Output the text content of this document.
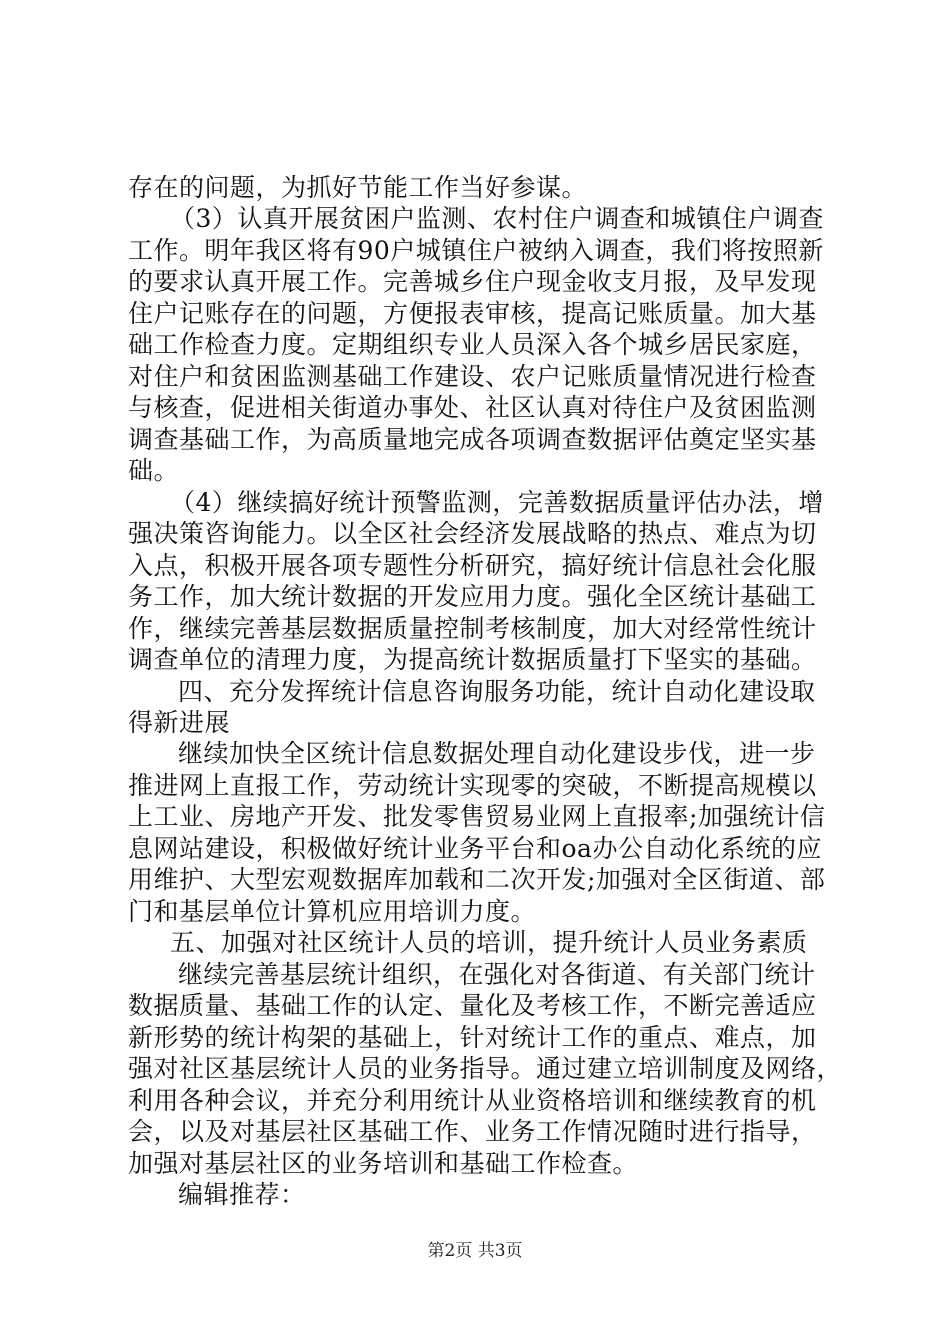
存在的问题，为抓好节能工作当好参谋。
（3）认真开展贫困户监测、农村住户调查和城镇住户调查
工作。明年我区将有90户城镇住户被纳入调查，我们将按照新
的要求认真开展工作。完善城乡住户现金收支月报，及早发现
住户记账存在的问题，方便报表审核，提高记账质量。加大基
础工作检查力度。定期组织专业人员深入各个城乡居民家庭，
对住户和贫困监测基础工作建设、农户记账质量情况进行检查
与核查，促进相关街道办事处、社区认真对待住户及贫困监测
调查基础工作，为高质量地完成各项调查数据评估奠定坚实基
础。
（4）继续搞好统计预警监测，完善数据质量评估办法，增
强决策咨询能力。以全区社会经济发展战略的热点、难点为切
入点，积极开展各项专题性分析研究，搞好统计信息社会化服
务工作，加大统计数据的开发应用力度。强化全区统计基础工
作，继续完善基层数据质量控制考核制度，加大对经常性统计
调查单位的清理力度，为提高统计数据质量打下坚实的基础。
四、充分发挥统计信息咨询服务功能，统计自动化建设取
得新进展
继续加快全区统计信息数据处理自动化建设步伐，进一步
推进网上直报工作，劳动统计实现零的突破，不断提高规模以
上工业、房地产开发、批发零售贸易业网上直报率;加强统计信
息网站建设，积极做好统计业务平台和oa办公自动化系统的应
用维护、大型宏观数据库加载和二次开发;加强对全区街道、部
门和基层单位计算机应用培训力度。
五、加强对社区统计人员的培训，提升统计人员业务素质
继续完善基层统计组织，在强化对各街道、有关部门统计
数据质量、基础工作的认定、量化及考核工作，不断完善适应
新形势的统计构架的基础上，针对统计工作的重点、难点，加
强对社区基层统计人员的业务指导。通过建立培训制度及网络，
利用各种会议，并充分利用统计从业资格培训和继续教育的机
会，以及对基层社区基础工作、业务工作情况随时进行指导，
加强对基层社区的业务培训和基础工作检查。
编辑推荐：
第2页 共3页
